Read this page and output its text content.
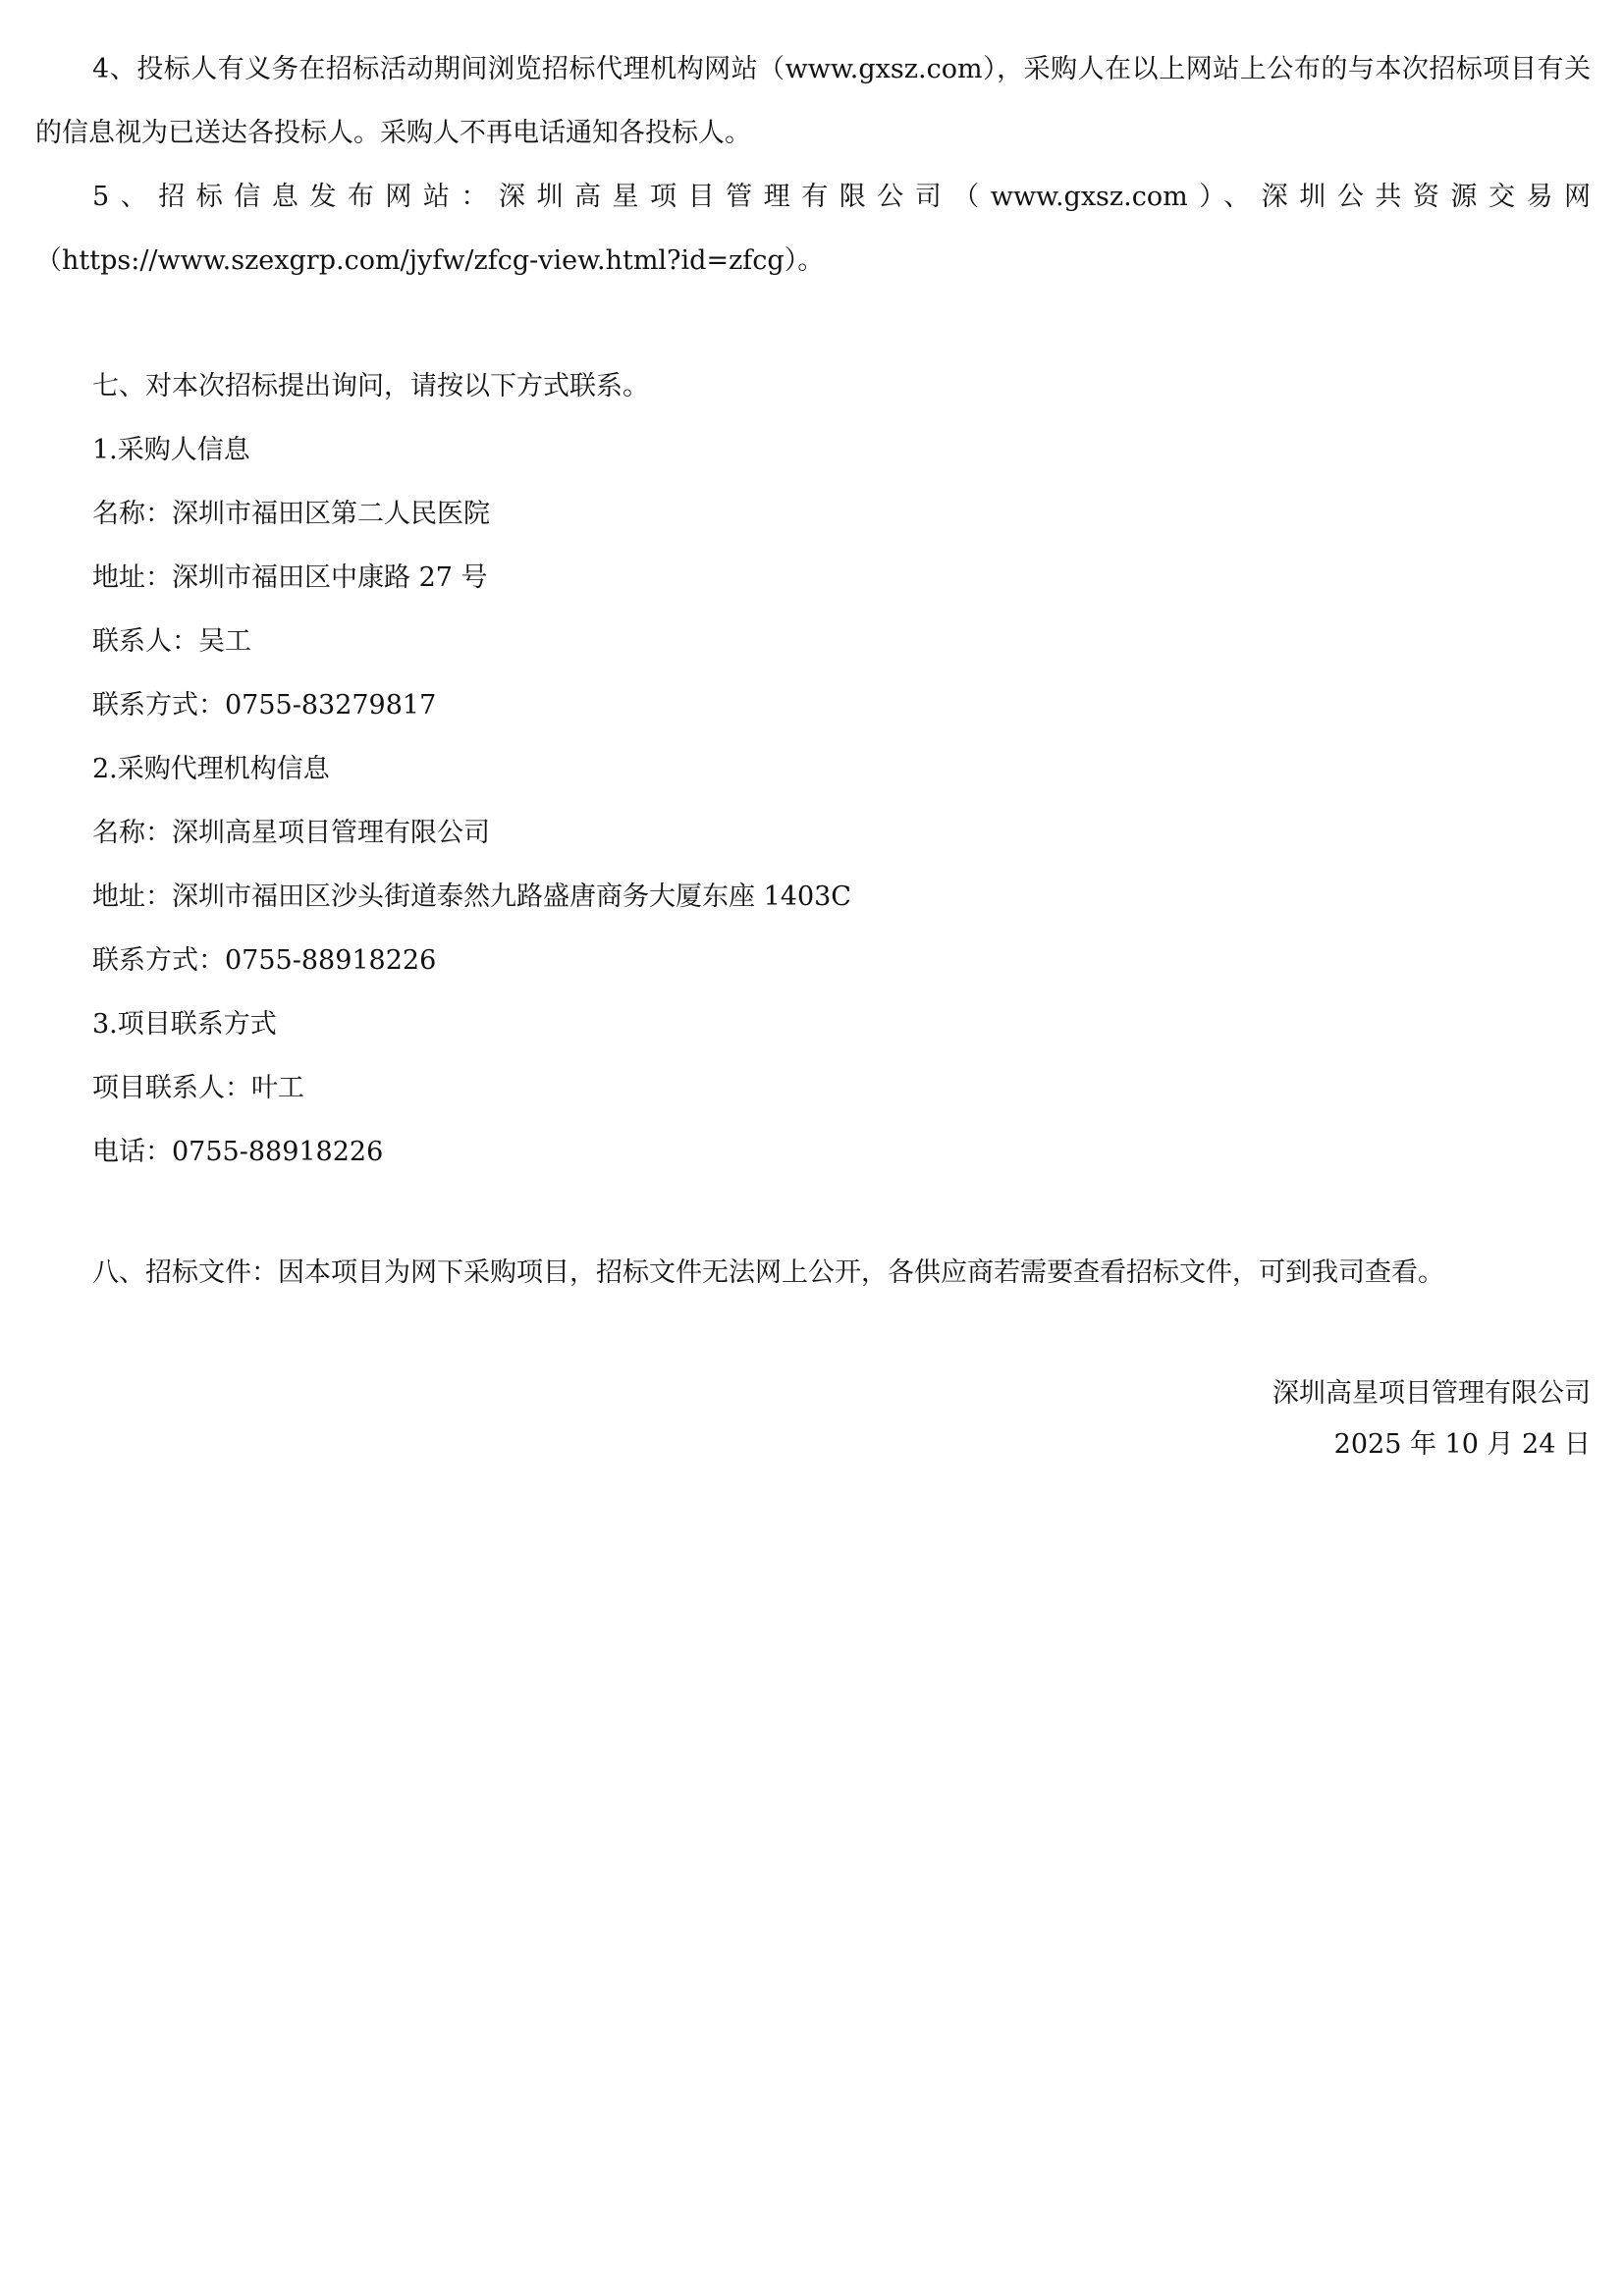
4、投标人有义务在招标活动期间浏览招标代理机构网站（www.gxsz.com），采购人在以上网站上公布的与本次招标项目有关的信息视为已送达各投标人。采购人不再电话通知各投标人。

5、招标信息发布网站：深圳高星项目管理有限公司（www.gxsz.com）、深圳公共资源交易网（https://www.szexgrp.com/jyfw/zfcg-view.html?id=zfcg）。

七、对本次招标提出询问，请按以下方式联系。

1.采购人信息

名称：深圳市福田区第二人民医院

地址：深圳市福田区中康路 27 号

联系人：吴工

联系方式：0755-83279817

2.采购代理机构信息

名称：深圳高星项目管理有限公司

地址：深圳市福田区沙头街道泰然九路盛唐商务大厦东座 1403C

联系方式：0755-88918226

3.项目联系方式

项目联系人：叶工

电话：0755-88918226

八、招标文件：因本项目为网下采购项目，招标文件无法网上公开，各供应商若需要查看招标文件，可到我司查看。

深圳高星项目管理有限公司

2025 年 10 月 24 日
